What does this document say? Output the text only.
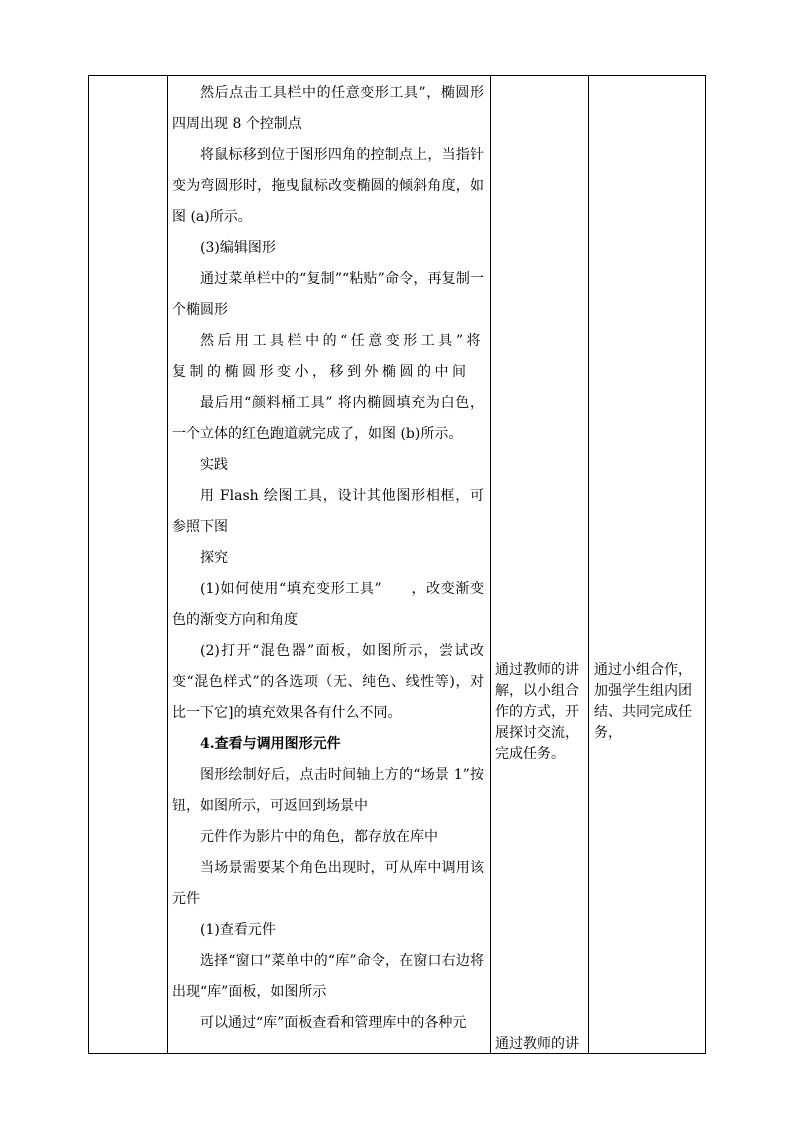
然后点击工具栏中的任意变形工具”，椭圆形四周出现 8 个控制点

将鼠标移到位于图形四角的控制点上，当指针变为弯圆形时，拖曳鼠标改变椭圆的倾斜角度，如图 (a)所示。

(3)编辑图形

通过菜单栏中的“复制”“粘贴”命令，再复制一个椭圆形

然后用工具栏中的“任意变形工具”将复制的椭圆形变小，移到外椭圆的中间

最后用“颜料桶工具” 将内椭圆填充为白色，一个立体的红色跑道就完成了，如图 (b)所示。

实践

用 Flash 绘图工具，设计其他图形相框，可参照下图

探究

(1)如何使用“填充变形工具”　　，改变渐变色的渐变方向和角度

(2)打开“混色器”面板，如图所示，尝试改变“混色样式”的各选项（无、纯色、线性等)，对比一下它]的填充效果各有什么不同。

4.查看与调用图形元件

图形绘制好后，点击时间轴上方的“场景 1”按钮，如图所示，可返回到场景中

元件作为影片中的角色，都存放在库中

当场景需要某个角色出现时，可从库中调用该元件

(1)查看元件

选择“窗口”菜单中的“库”命令，在窗口右边将出现“库”面板，如图所示

可以通过“库”面板查看和管理库中的各种元

通过教师的讲解，以小组合作的方式，开展探讨交流，完成任务。

通过教师的讲

通过小组合作，加强学生组内团结、共同完成任务，
